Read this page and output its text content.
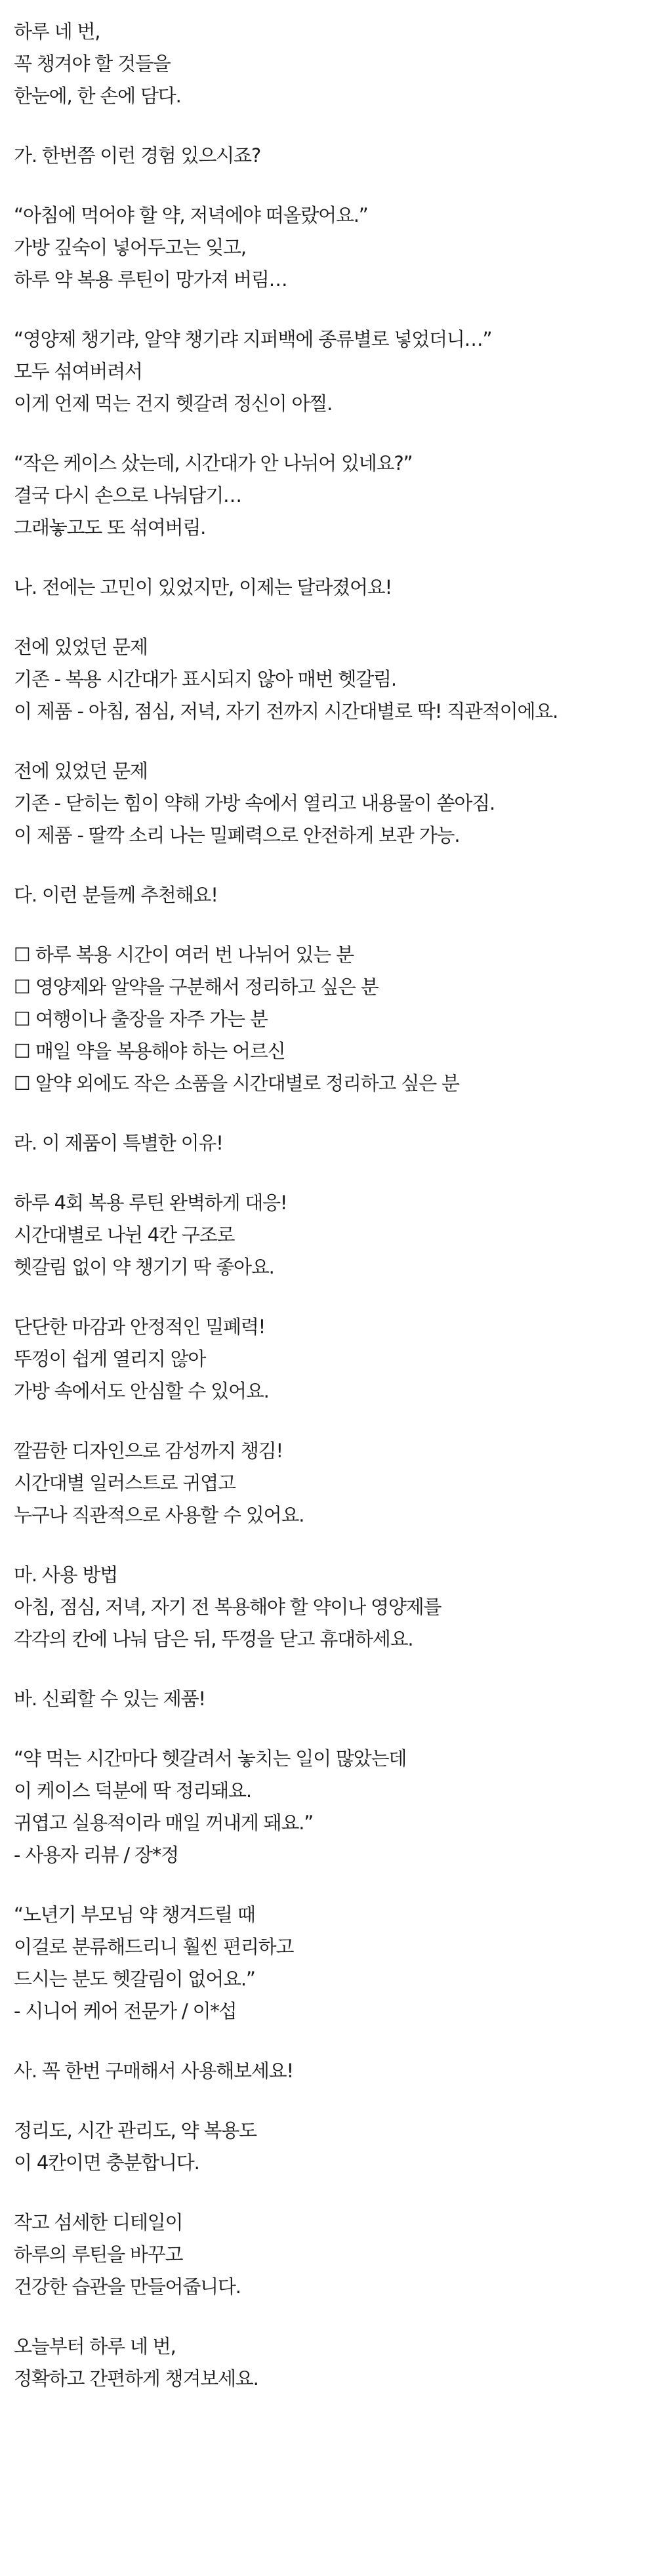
하루 네 번,
꼭 챙겨야 할 것들을
한눈에, 한 손에 담다.
가. 한번쯤 이런 경험 있으시죠?
“아침에 먹어야 할 약, 저녁에야 떠올랐어요.”
가방 깊숙이 넣어두고는 잊고,
하루 약 복용 루틴이 망가져 버림…
“영양제 챙기랴, 알약 챙기랴 지퍼백에 종류별로 넣었더니…”
모두 섞여버려서
이게 언제 먹는 건지 헷갈려 정신이 아찔.
“작은 케이스 샀는데, 시간대가 안 나뉘어 있네요?”
결국 다시 손으로 나눠담기…
그래놓고도 또 섞여버림.
나. 전에는 고민이 있었지만, 이제는 달라졌어요!
전에 있었던 문제
기존 - 복용 시간대가 표시되지 않아 매번 헷갈림.
이 제품 - 아침, 점심, 저녁, 자기 전까지 시간대별로 딱! 직관적이에요.
전에 있었던 문제
기존 - 닫히는 힘이 약해 가방 속에서 열리고 내용물이 쏟아짐.
이 제품 - 딸깍 소리 나는 밀폐력으로 안전하게 보관 가능.
다. 이런 분들께 추천해요!
☐ 하루 복용 시간이 여러 번 나뉘어 있는 분
☐ 영양제와 알약을 구분해서 정리하고 싶은 분
☐ 여행이나 출장을 자주 가는 분
☐ 매일 약을 복용해야 하는 어르신
☐ 알약 외에도 작은 소품을 시간대별로 정리하고 싶은 분
라. 이 제품이 특별한 이유!
하루 4회 복용 루틴 완벽하게 대응!
시간대별로 나뉜 4칸 구조로
헷갈림 없이 약 챙기기 딱 좋아요.
단단한 마감과 안정적인 밀폐력!
뚜껑이 쉽게 열리지 않아
가방 속에서도 안심할 수 있어요.
깔끔한 디자인으로 감성까지 챙김!
시간대별 일러스트로 귀엽고
누구나 직관적으로 사용할 수 있어요.
마. 사용 방법
아침, 점심, 저녁, 자기 전 복용해야 할 약이나 영양제를
각각의 칸에 나눠 담은 뒤, 뚜껑을 닫고 휴대하세요.
바. 신뢰할 수 있는 제품!
“약 먹는 시간마다 헷갈려서 놓치는 일이 많았는데
이 케이스 덕분에 딱 정리돼요.
귀엽고 실용적이라 매일 꺼내게 돼요.”
- 사용자 리뷰 / 장*정
“노년기 부모님 약 챙겨드릴 때
이걸로 분류해드리니 훨씬 편리하고
드시는 분도 헷갈림이 없어요.”
- 시니어 케어 전문가 / 이*섭
사. 꼭 한번 구매해서 사용해보세요!
정리도, 시간 관리도, 약 복용도
이 4칸이면 충분합니다.
작고 섬세한 디테일이
하루의 루틴을 바꾸고
건강한 습관을 만들어줍니다.
오늘부터 하루 네 번,
정확하고 간편하게 챙겨보세요.
